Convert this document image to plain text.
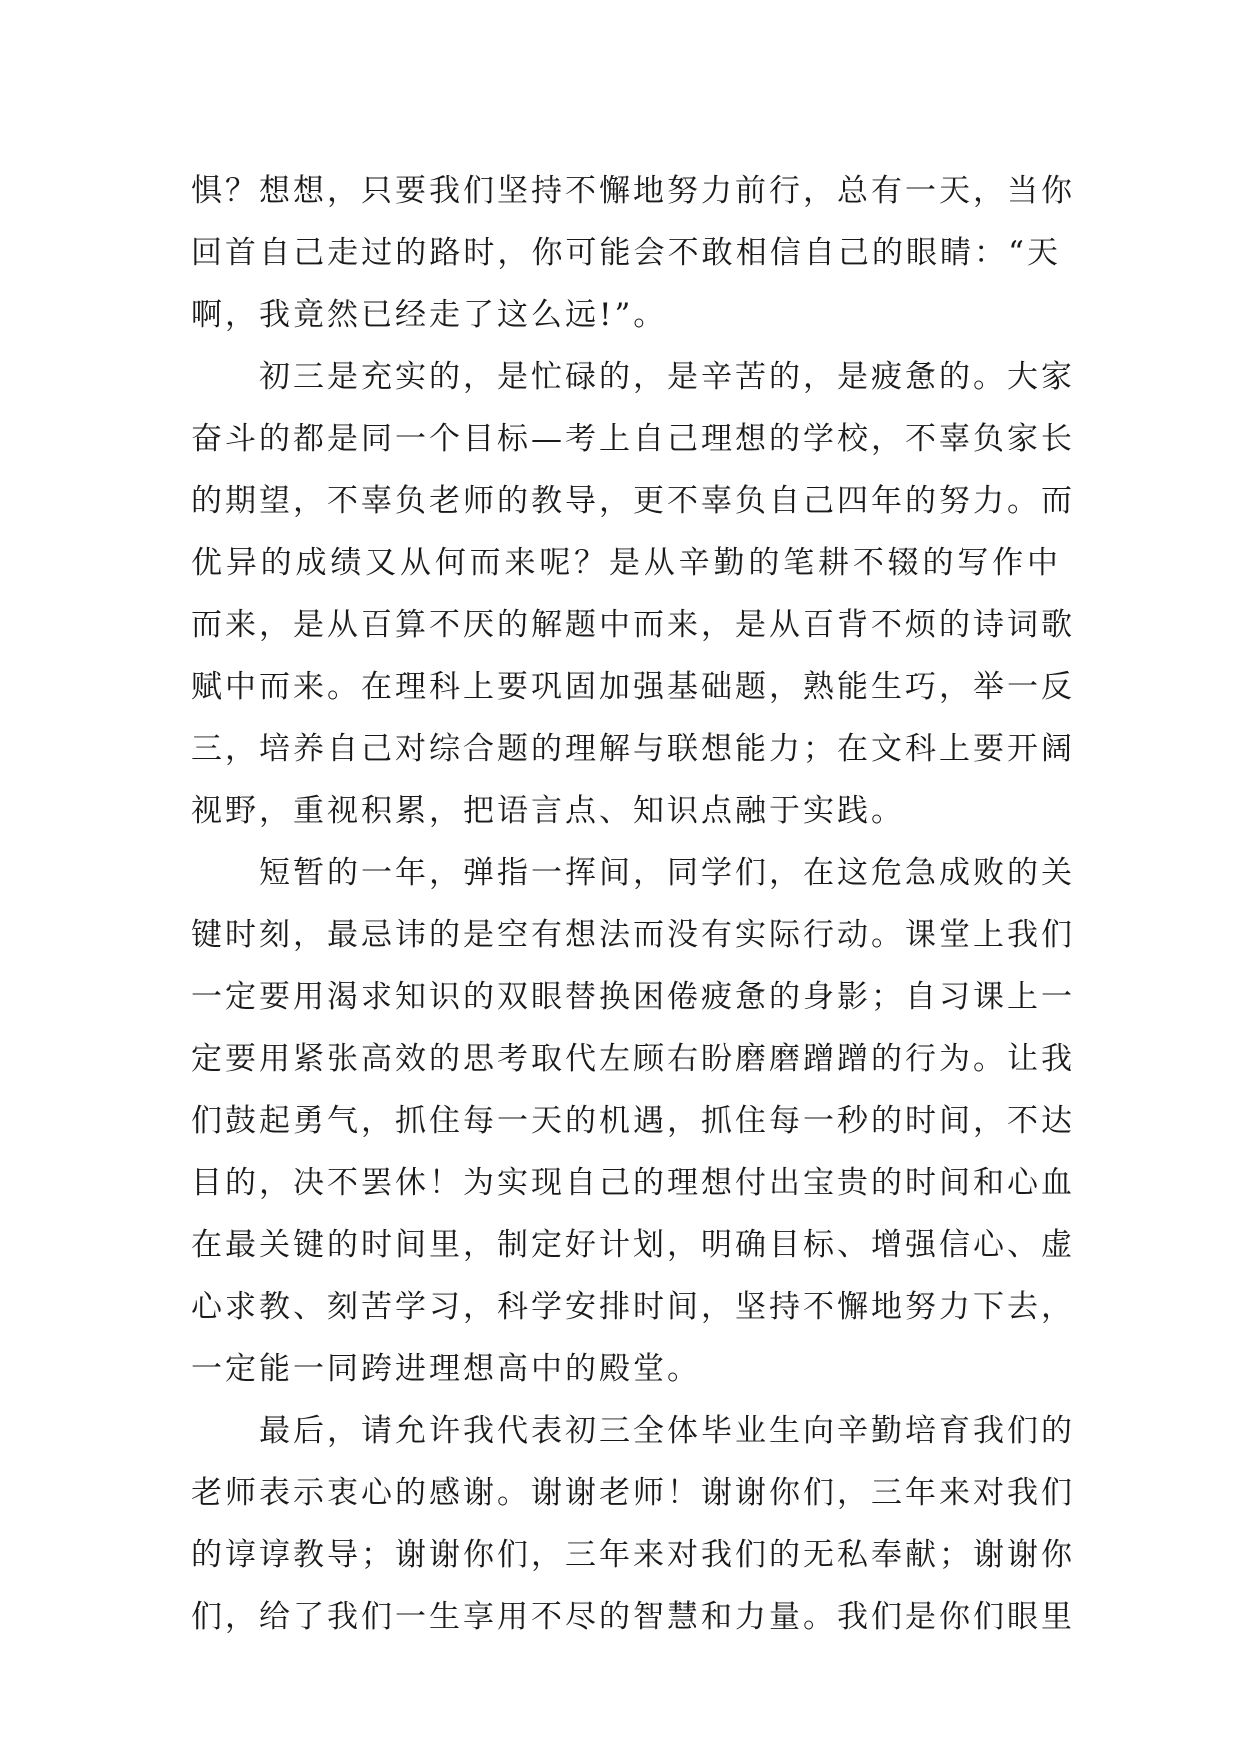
惧？想想，只要我们坚持不懈地努力前行，总有一天，当你
回首自己走过的路时，你可能会不敢相信自己的眼睛：“天
啊，我竟然已经走了这么远!”。
初三是充实的，是忙碌的，是辛苦的，是疲惫的。大家
奋斗的都是同一个目标—考上自己理想的学校，不辜负家长
的期望，不辜负老师的教导，更不辜负自己四年的努力。而
优异的成绩又从何而来呢？是从辛勤的笔耕不辍的写作中
而来，是从百算不厌的解题中而来，是从百背不烦的诗词歌
赋中而来。在理科上要巩固加强基础题，熟能生巧，举一反
三，培养自己对综合题的理解与联想能力；在文科上要开阔
视野，重视积累，把语言点、知识点融于实践。
短暂的一年，弹指一挥间，同学们，在这危急成败的关
键时刻，最忌讳的是空有想法而没有实际行动。课堂上我们
一定要用渴求知识的双眼替换困倦疲惫的身影；自习课上一
定要用紧张高效的思考取代左顾右盼磨磨蹭蹭的行为。让我
们鼓起勇气，抓住每一天的机遇，抓住每一秒的时间，不达
目的，决不罢休！为实现自己的理想付出宝贵的时间和心血
在最关键的时间里，制定好计划，明确目标、增强信心、虚
心求教、刻苦学习，科学安排时间，坚持不懈地努力下去，
一定能一同跨进理想高中的殿堂。
最后，请允许我代表初三全体毕业生向辛勤培育我们的
老师表示衷心的感谢。谢谢老师！谢谢你们，三年来对我们
的谆谆教导；谢谢你们，三年来对我们的无私奉献；谢谢你
们，给了我们一生享用不尽的智慧和力量。我们是你们眼里
